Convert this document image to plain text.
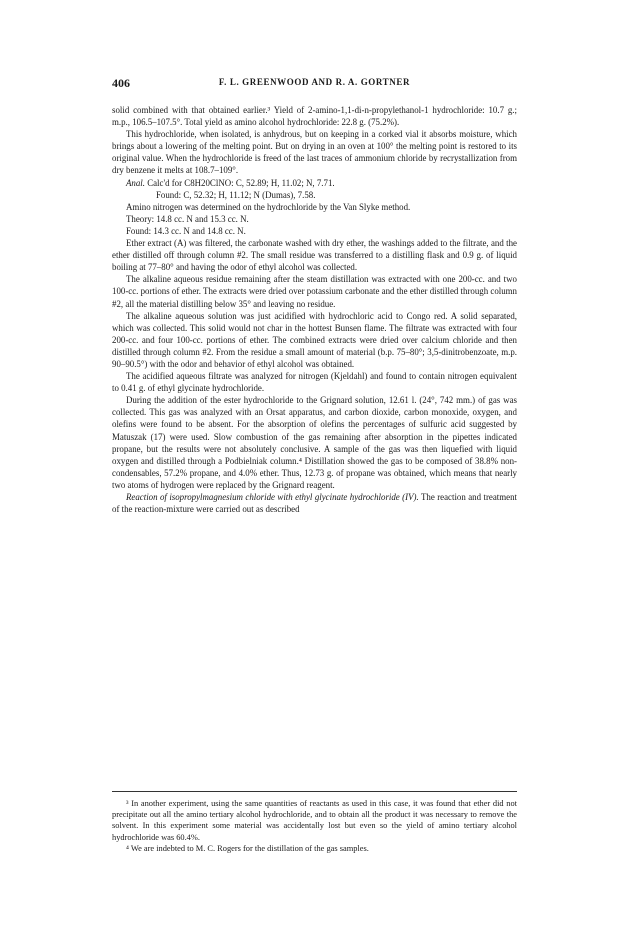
406	F. L. GREENWOOD AND R. A. GORTNER

solid combined with that obtained earlier.³ Yield of 2-amino-1,1-di-n-propylethanol-1 hydrochloride: 10.7 g.; m.p., 106.5–107.5°. Total yield as amino alcohol hydrochloride: 22.8 g. (75.2%).

This hydrochloride, when isolated, is anhydrous, but on keeping in a corked vial it absorbs moisture, which brings about a lowering of the melting point. But on drying in an oven at 100° the melting point is restored to its original value. When the hydrochloride is freed of the last traces of ammonium chloride by recrystallization from dry benzene it melts at 108.7–109°.

Anal. Calc'd for C8H20ClNO: C, 52.89; H, 11.02; N, 7.71.

Found: C, 52.32; H, 11.12; N (Dumas), 7.58.

Amino nitrogen was determined on the hydrochloride by the Van Slyke method.

Theory: 14.8 cc. N and 15.3 cc. N.

Found: 14.3 cc. N and 14.8 cc. N.

Ether extract (A) was filtered, the carbonate washed with dry ether, the washings added to the filtrate, and the ether distilled off through column #2. The small residue was transferred to a distilling flask and 0.9 g. of liquid boiling at 77–80° and having the odor of ethyl alcohol was collected.

The alkaline aqueous residue remaining after the steam distillation was extracted with one 200-cc. and two 100-cc. portions of ether. The extracts were dried over potassium carbonate and the ether distilled through column #2, all the material distilling below 35° and leaving no residue.

The alkaline aqueous solution was just acidified with hydrochloric acid to Congo red. A solid separated, which was collected. This solid would not char in the hottest Bunsen flame. The filtrate was extracted with four 200-cc. and four 100-cc. portions of ether. The combined extracts were dried over calcium chloride and then distilled through column #2. From the residue a small amount of material (b.p. 75–80°; 3,5-dinitrobenzoate, m.p. 90–90.5°) with the odor and behavior of ethyl alcohol was obtained.

The acidified aqueous filtrate was analyzed for nitrogen (Kjeldahl) and found to contain nitrogen equivalent to 0.41 g. of ethyl glycinate hydrochloride.

During the addition of the ester hydrochloride to the Grignard solution, 12.61 l. (24°, 742 mm.) of gas was collected. This gas was analyzed with an Orsat apparatus, and carbon dioxide, carbon monoxide, oxygen, and olefins were found to be absent. For the absorption of olefins the percentages of sulfuric acid suggested by Matuszak (17) were used. Slow combustion of the gas remaining after absorption in the pipettes indicated propane, but the results were not absolutely conclusive. A sample of the gas was then liquefied with liquid oxygen and distilled through a Podbielniak column.⁴ Distillation showed the gas to be composed of 38.8% non-condensables, 57.2% propane, and 4.0% ether. Thus, 12.73 g. of propane was obtained, which means that nearly two atoms of hydrogen were replaced by the Grignard reagent.

Reaction of isopropylmagnesium chloride with ethyl glycinate hydrochloride (IV). The reaction and treatment of the reaction-mixture were carried out as described

³ In another experiment, using the same quantities of reactants as used in this case, it was found that ether did not precipitate out all the amino tertiary alcohol hydrochloride, and to obtain all the product it was necessary to remove the solvent. In this experiment some material was accidentally lost but even so the yield of amino tertiary alcohol hydrochloride was 60.4%.

⁴ We are indebted to M. C. Rogers for the distillation of the gas samples.
